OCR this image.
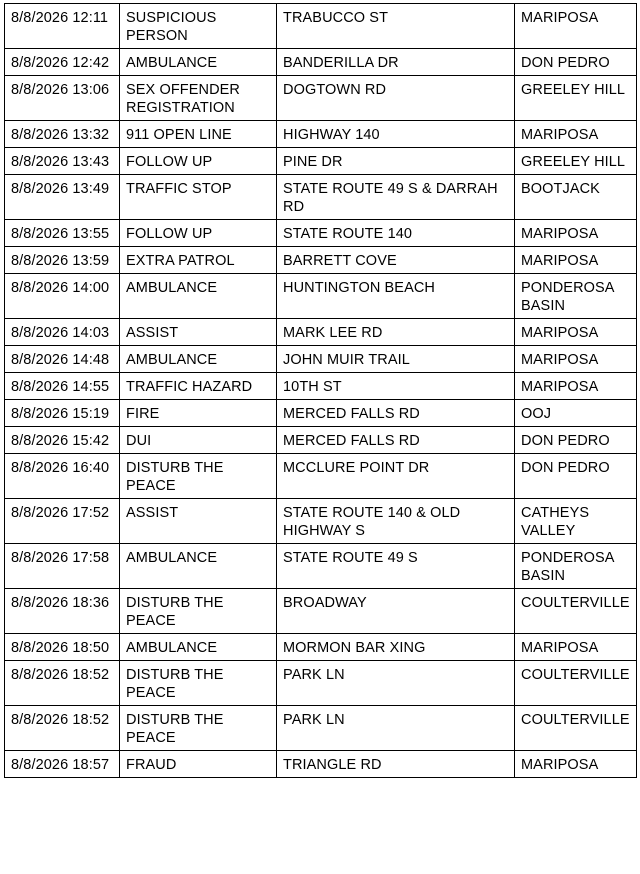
8/8/2026 12:11	SUSPICIOUS PERSON	TRABUCCO ST	MARIPOSA
8/8/2026 12:42	AMBULANCE	BANDERILLA DR	DON PEDRO
8/8/2026 13:06	SEX OFFENDER REGISTRATION	DOGTOWN RD	GREELEY HILL
8/8/2026 13:32	911 OPEN LINE	HIGHWAY 140	MARIPOSA
8/8/2026 13:43	FOLLOW UP	PINE DR	GREELEY HILL
8/8/2026 13:49	TRAFFIC STOP	STATE ROUTE 49 S & DARRAH RD	BOOTJACK
8/8/2026 13:55	FOLLOW UP	STATE ROUTE 140	MARIPOSA
8/8/2026 13:59	EXTRA PATROL	BARRETT COVE	MARIPOSA
8/8/2026 14:00	AMBULANCE	HUNTINGTON BEACH	PONDEROSA BASIN
8/8/2026 14:03	ASSIST	MARK LEE RD	MARIPOSA
8/8/2026 14:48	AMBULANCE	JOHN MUIR TRAIL	MARIPOSA
8/8/2026 14:55	TRAFFIC HAZARD	10TH ST	MARIPOSA
8/8/2026 15:19	FIRE	MERCED FALLS RD	OOJ
8/8/2026 15:42	DUI	MERCED FALLS RD	DON PEDRO
8/8/2026 16:40	DISTURB THE PEACE	MCCLURE POINT DR	DON PEDRO
8/8/2026 17:52	ASSIST	STATE ROUTE 140 & OLD HIGHWAY S	CATHEYS VALLEY
8/8/2026 17:58	AMBULANCE	STATE ROUTE 49 S	PONDEROSA BASIN
8/8/2026 18:36	DISTURB THE PEACE	BROADWAY	COULTERVILLE
8/8/2026 18:50	AMBULANCE	MORMON BAR XING	MARIPOSA
8/8/2026 18:52	DISTURB THE PEACE	PARK LN	COULTERVILLE
8/8/2026 18:52	DISTURB THE PEACE	PARK LN	COULTERVILLE
8/8/2026 18:57	FRAUD	TRIANGLE RD	MARIPOSA
